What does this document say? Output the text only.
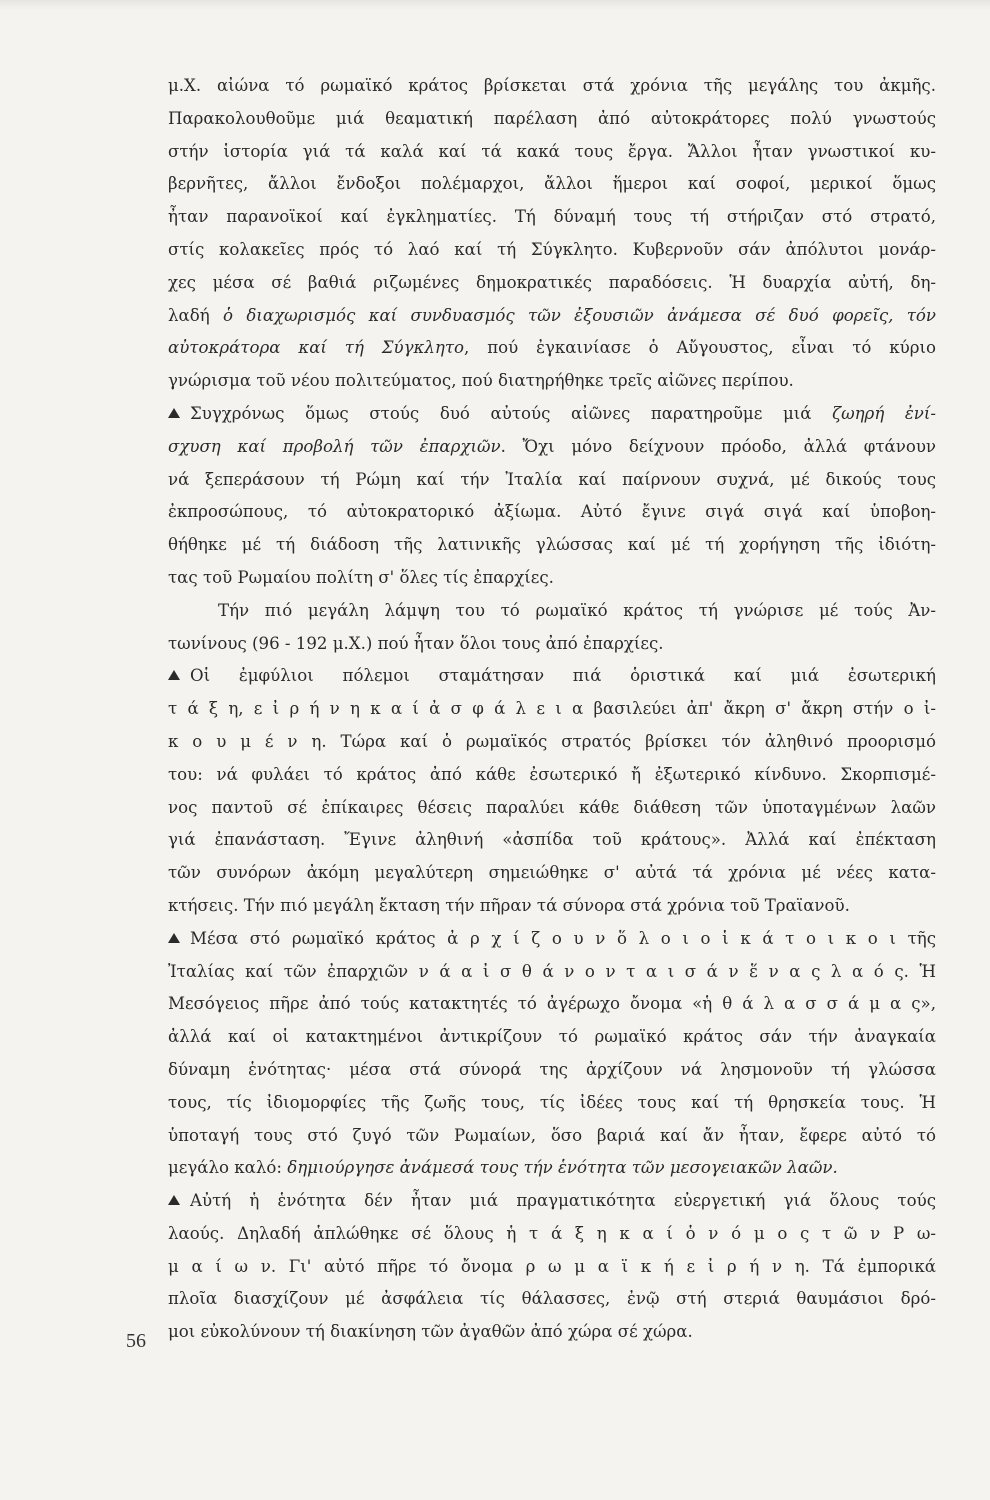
μ.Χ. αἰώνα τό ρωμαϊκό κράτος βρίσκεται στά χρόνια τῆς μεγάλης του ἀκμῆς.
Παρακολουθοῦμε μιά θεαματική παρέλαση ἀπό αὐτοκράτορες πολύ γνωστούς
στήν ἱστορία γιά τά καλά καί τά κακά τους ἔργα. Ἄλλοι ἦταν γνωστικοί κυ-
βερνῆτες, ἄλλοι ἔνδοξοι πολέμαρχοι, ἄλλοι ἥμεροι καί σοφοί, μερικοί ὅμως
ἦταν παρανοϊκοί καί ἐγκληματίες. Τή δύναμή τους τή στήριζαν στό στρατό,
στίς κολακεῖες πρός τό λαό καί τή Σύγκλητο. Κυβερνοῦν σάν ἀπόλυτοι μονάρ-
χες μέσα σέ βαθιά ριζωμένες δημοκρατικές παραδόσεις. Ἡ δυαρχία αὐτή, δη-
λαδή ὁ διαχωρισμός καί συνδυασμός τῶν ἐξουσιῶν ἀνάμεσα σέ δυό φορεῖς, τόν
αὐτοκράτορα καί τή Σύγκλητο, πού ἐγκαινίασε ὁ Αὔγουστος, εἶναι τό κύριο
γνώρισμα τοῦ νέου πολιτεύματος, πού διατηρήθηκε τρεῖς αἰῶνες περίπου.
Συγχρόνως ὅμως στούς δυό αὐτούς αἰῶνες παρατηροῦμε μιά ζωηρή ἐνί-
σχυση καί προβολή τῶν ἐπαρχιῶν. Ὄχι μόνο δείχνουν πρόοδο, ἀλλά φτάνουν
νά ξεπεράσουν τή Ρώμη καί τήν Ἰταλία καί παίρνουν συχνά, μέ δικούς τους
ἐκπροσώπους, τό αὐτοκρατορικό ἀξίωμα. Αὐτό ἔγινε σιγά σιγά καί ὑποβοη-
θήθηκε μέ τή διάδοση τῆς λατινικῆς γλώσσας καί μέ τή χορήγηση τῆς ἰδιότη-
τας τοῦ Ρωμαίου πολίτη σ' ὅλες τίς ἐπαρχίες.
Τήν πιό μεγάλη λάμψη του τό ρωμαϊκό κράτος τή γνώρισε μέ τούς Ἀν-
τωνίνους (96 - 192 μ.Χ.) πού ἦταν ὅλοι τους ἀπό ἐπαρχίες.
Οἱ ἐμφύλιοι πόλεμοι σταμάτησαν πιά ὁριστικά καί μιά ἐσωτερική
τ ά ξ η, ε ἰ ρ ή ν η κ α ί ἀ σ φ ά λ ε ι α βασιλεύει ἀπ' ἄκρη σ' ἄκρη στήν ο ἰ-
κ ο υ μ έ ν η. Τώρα καί ὁ ρωμαϊκός στρατός βρίσκει τόν ἀληθινό προορισμό
του: νά φυλάει τό κράτος ἀπό κάθε ἐσωτερικό ἤ ἐξωτερικό κίνδυνο. Σκορπισμέ-
νος παντοῦ σέ ἐπίκαιρες θέσεις παραλύει κάθε διάθεση τῶν ὑποταγμένων λαῶν
γιά ἐπανάσταση. Ἔγινε ἀληθινή «ἀσπίδα τοῦ κράτους». Ἀλλά καί ἐπέκταση
τῶν συνόρων ἀκόμη μεγαλύτερη σημειώθηκε σ' αὐτά τά χρόνια μέ νέες κατα-
κτήσεις. Τήν πιό μεγάλη ἔκταση τήν πῆραν τά σύνορα στά χρόνια τοῦ Τραϊανοῦ.
Μέσα στό ρωμαϊκό κράτος ἀ ρ χ ί ζ ο υ ν ὅ λ ο ι ο ἱ κ ά τ ο ι κ ο ι τῆς
Ἰταλίας καί τῶν ἐπαρχιῶν ν ά α ἰ σ θ ά ν ο ν τ α ι σ ά ν ἕ ν α ς λ α ό ς. Ἡ
Μεσόγειος πῆρε ἀπό τούς κατακτητές τό ἀγέρωχο ὄνομα «ἡ θ ά λ α σ σ ά μ α ς»,
ἀλλά καί οἱ κατακτημένοι ἀντικρίζουν τό ρωμαϊκό κράτος σάν τήν ἀναγκαία
δύναμη ἑνότητας· μέσα στά σύνορά της ἀρχίζουν νά λησμονοῦν τή γλώσσα
τους, τίς ἰδιομορφίες τῆς ζωῆς τους, τίς ἰδέες τους καί τή θρησκεία τους. Ἡ
ὑποταγή τους στό ζυγό τῶν Ρωμαίων, ὅσο βαριά καί ἄν ἦταν, ἔφερε αὐτό τό
μεγάλο καλό: δημιούργησε ἀνάμεσά τους τήν ἑνότητα τῶν μεσογειακῶν λαῶν.
Αὐτή ἡ ἑνότητα δέν ἦταν μιά πραγματικότητα εὐεργετική γιά ὅλους τούς
λαούς. Δηλαδή ἁπλώθηκε σέ ὅλους ἡ τ ά ξ η κ α ί ὁ ν ό μ ο ς τ ῶ ν Ρ ω-
μ α ί ω ν. Γι' αὐτό πῆρε τό ὄνομα ρ ω μ α ϊ κ ή ε ἰ ρ ή ν η. Τά ἐμπορικά
πλοῖα διασχίζουν μέ ἀσφάλεια τίς θάλασσες, ἐνῷ στή στεριά θαυμάσιοι δρό-
μοι εὐκολύνουν τή διακίνηση τῶν ἀγαθῶν ἀπό χώρα σέ χώρα.
56
